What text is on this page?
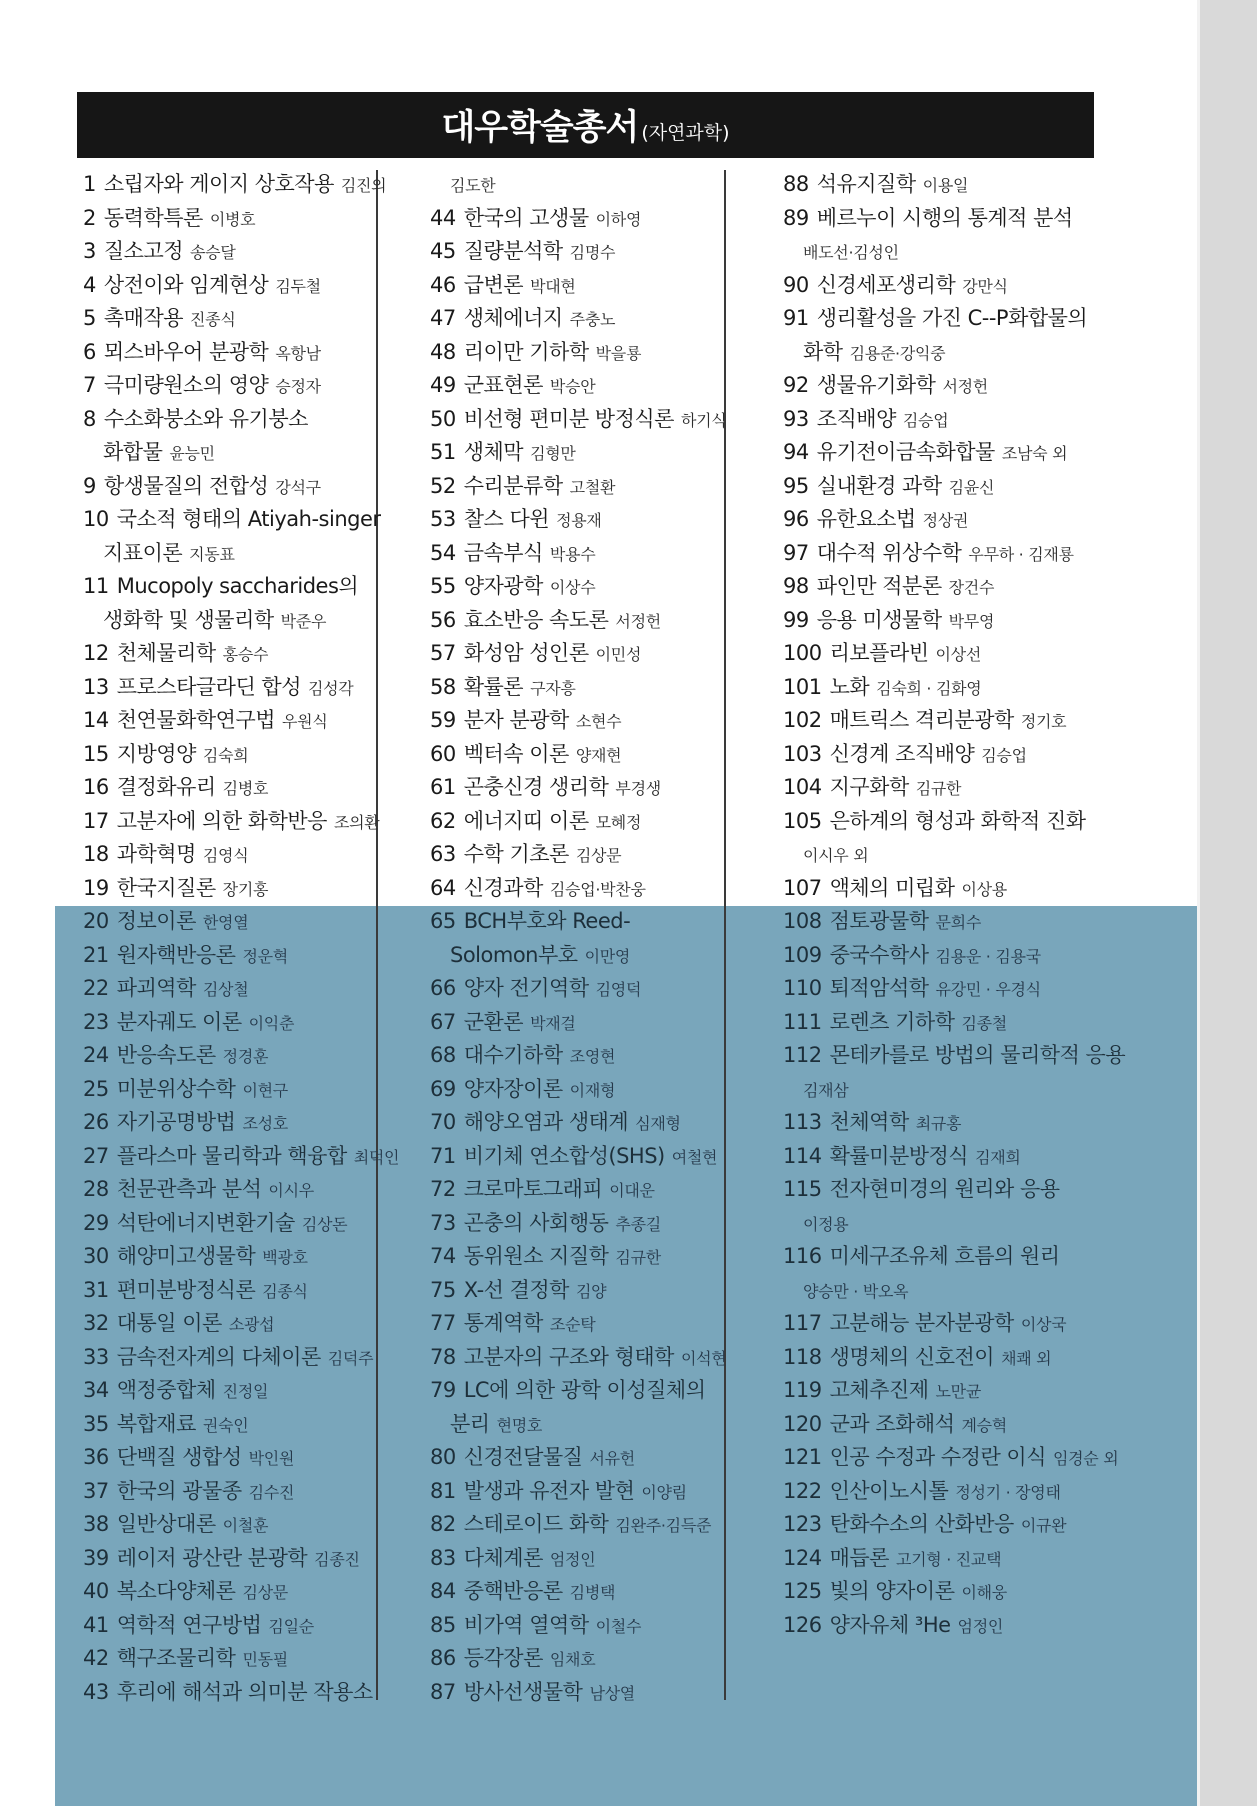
대우학술총서 (자연과학)
1 소립자와 게이지 상호작용 김진의
2 동력학특론 이병호
3 질소고정 송승달
4 상전이와 임계현상 김두철
5 촉매작용 진종식
6 뫼스바우어 분광학 옥항남
7 극미량원소의 영양 승정자
8 수소화붕소와 유기붕소
화합물 윤능민
9 항생물질의 전합성 강석구
10 국소적 형태의 Atiyah-singer
지표이론 지동표
11 Mucopoly saccharides의
생화학 및 생물리학 박준우
12 천체물리학 홍승수
13 프로스타글라딘 합성 김성각
14 천연물화학연구법 우원식
15 지방영양 김숙희
16 결정화유리 김병호
17 고분자에 의한 화학반응 조의환
18 과학혁명 김영식
19 한국지질론 장기홍
20 정보이론 한영열
21 원자핵반응론 정운혁
22 파괴역학 김상철
23 분자궤도 이론 이익춘
24 반응속도론 정경훈
25 미분위상수학 이현구
26 자기공명방법 조성호
27 플라스마 물리학과 핵융합 최덕인
28 천문관측과 분석 이시우
29 석탄에너지변환기술 김상돈
30 해양미고생물학 백광호
31 편미분방정식론 김종식
32 대통일 이론 소광섭
33 금속전자계의 다체이론 김덕주
34 액정중합체 진정일
35 복합재료 권숙인
36 단백질 생합성 박인원
37 한국의 광물종 김수진
38 일반상대론 이철훈
39 레이저 광산란 분광학 김종진
40 복소다양체론 김상문
41 역학적 연구방법 김일순
42 핵구조물리학 민동필
43 후리에 해석과 의미분 작용소
김도한
44 한국의 고생물 이하영
45 질량분석학 김명수
46 급변론 박대현
47 생체에너지 주충노
48 리이만 기하학 박을룡
49 군표현론 박승안
50 비선형 편미분 방정식론 하기식
51 생체막 김형만
52 수리분류학 고철환
53 찰스 다윈 정용재
54 금속부식 박용수
55 양자광학 이상수
56 효소반응 속도론 서정헌
57 화성암 성인론 이민성
58 확률론 구자흥
59 분자 분광학 소현수
60 벡터속 이론 양재현
61 곤충신경 생리학 부경생
62 에너지띠 이론 모혜정
63 수학 기초론 김상문
64 신경과학 김승업·박찬웅
65 BCH부호와 Reed-
Solomon부호 이만영
66 양자 전기역학 김영덕
67 군환론 박재걸
68 대수기하학 조영현
69 양자장이론 이재형
70 해양오염과 생태계 심재형
71 비기체 연소합성(SHS) 여철현
72 크로마토그래피 이대운
73 곤충의 사회행동 추종길
74 동위원소 지질학 김규한
75 X-선 결정학 김양
77 통계역학 조순탁
78 고분자의 구조와 형태학 이석현
79 LC에 의한 광학 이성질체의
분리 현명호
80 신경전달물질 서유헌
81 발생과 유전자 발현 이양림
82 스테로이드 화학 김완주·김득준
83 다체계론 엄정인
84 중핵반응론 김병택
85 비가역 열역학 이철수
86 등각장론 임채호
87 방사선생물학 남상열
88 석유지질학 이용일
89 베르누이 시행의 통계적 분석
배도선·김성인
90 신경세포생리학 강만식
91 생리활성을 가진 C--P화합물의
화학 김용준·강익중
92 생물유기화학 서정헌
93 조직배양 김승업
94 유기전이금속화합물 조남숙 외
95 실내환경 과학 김윤신
96 유한요소법 정상권
97 대수적 위상수학 우무하 · 김재룡
98 파인만 적분론 장건수
99 응용 미생물학 박무영
100 리보플라빈 이상선
101 노화 김숙희 · 김화영
102 매트릭스 격리분광학 정기호
103 신경계 조직배양 김승업
104 지구화학 김규한
105 은하계의 형성과 화학적 진화
이시우 외
107 액체의 미립화 이상용
108 점토광물학 문희수
109 중국수학사 김용운 · 김용국
110 퇴적암석학 유강민 · 우경식
111 로렌츠 기하학 김종철
112 몬테카를로 방법의 물리학적 응용
김재삼
113 천체역학 최규홍
114 확률미분방정식 김재희
115 전자현미경의 원리와 응용
이정용
116 미세구조유체 흐름의 원리
양승만 · 박오옥
117 고분해능 분자분광학 이상국
118 생명체의 신호전이 채쾌 외
119 고체추진제 노만균
120 군과 조화해석 계승혁
121 인공 수정과 수정란 이식 임경순 외
122 인산이노시톨 정성기 · 장영태
123 탄화수소의 산화반응 이규완
124 매듭론 고기형 · 진교택
125 빛의 양자이론 이해웅
126 양자유체 ³He 엄정인
